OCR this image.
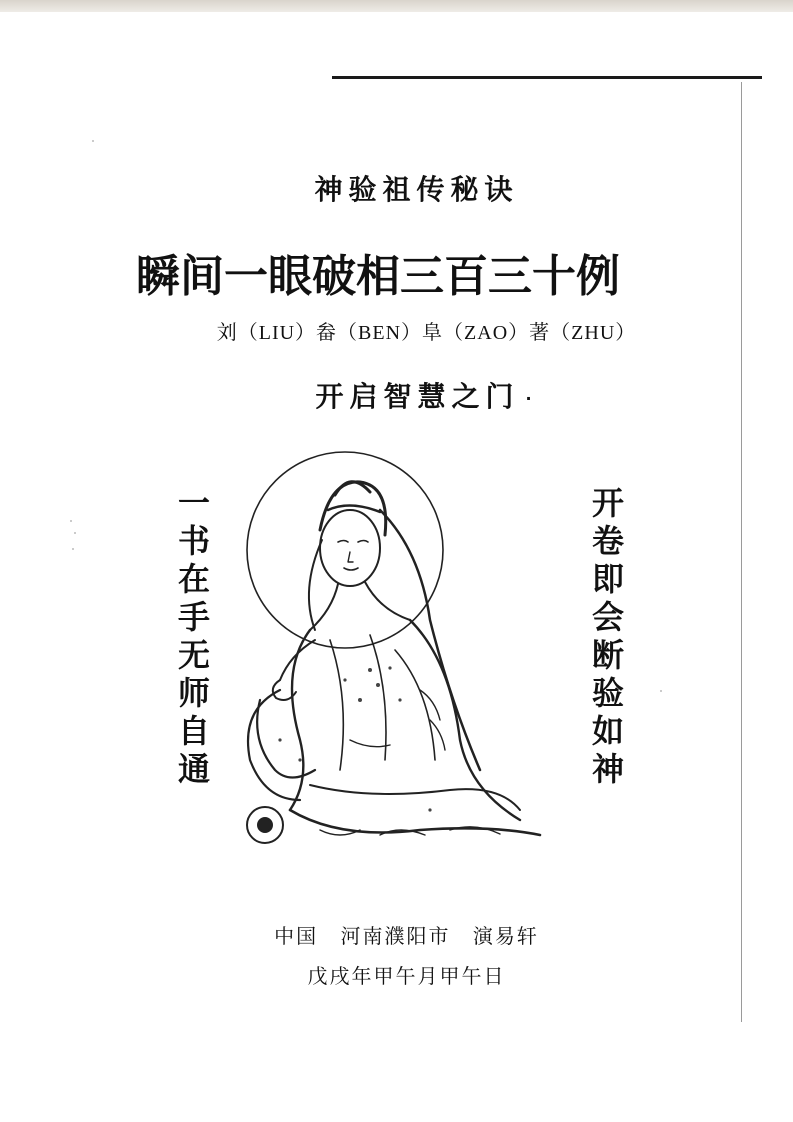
神验祖传秘诀
瞬间一眼破相三百三十例
刘（LIU）畚（BEN）阜（ZAO）著（ZHU）
开启智慧之门 ·
一
书
在
手
无
师
自
通
开
卷
即
会
断
验
如
神
中国 河南濮阳市 演易轩
戊戌年甲午月甲午日
